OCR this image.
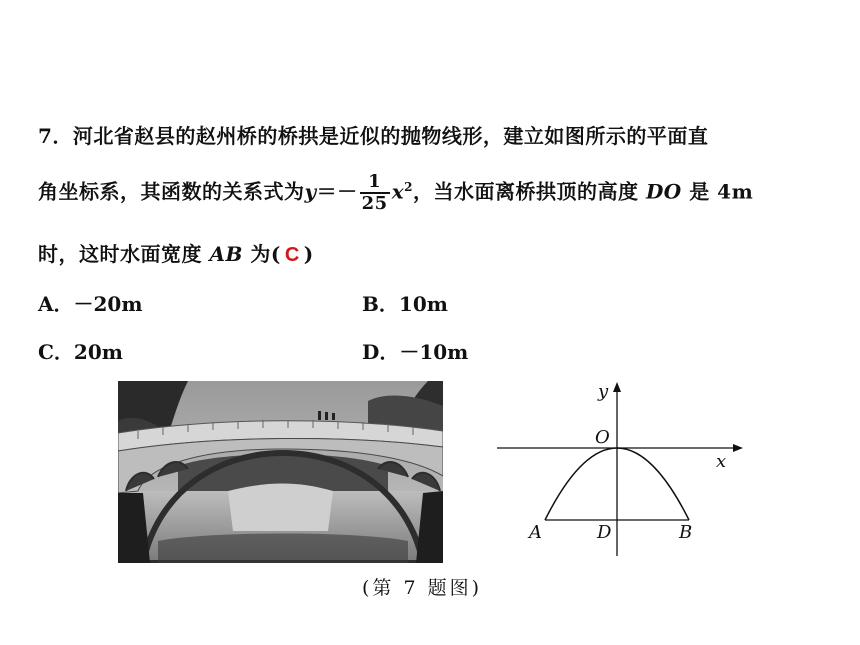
7．河北省赵县的赵州桥的桥拱是近似的抛物线形，建立如图所示的平面直
角坐标系，其函数的关系式为$y=- \frac{1}{25} x^2$，当水面离桥拱顶的高度 DO 是 4m
时，这时水面宽度 AB 为( C )
A．－20m	B．10m
C．20m	D．－10m
y
x
O
A	D	B
(第 7 题图)
